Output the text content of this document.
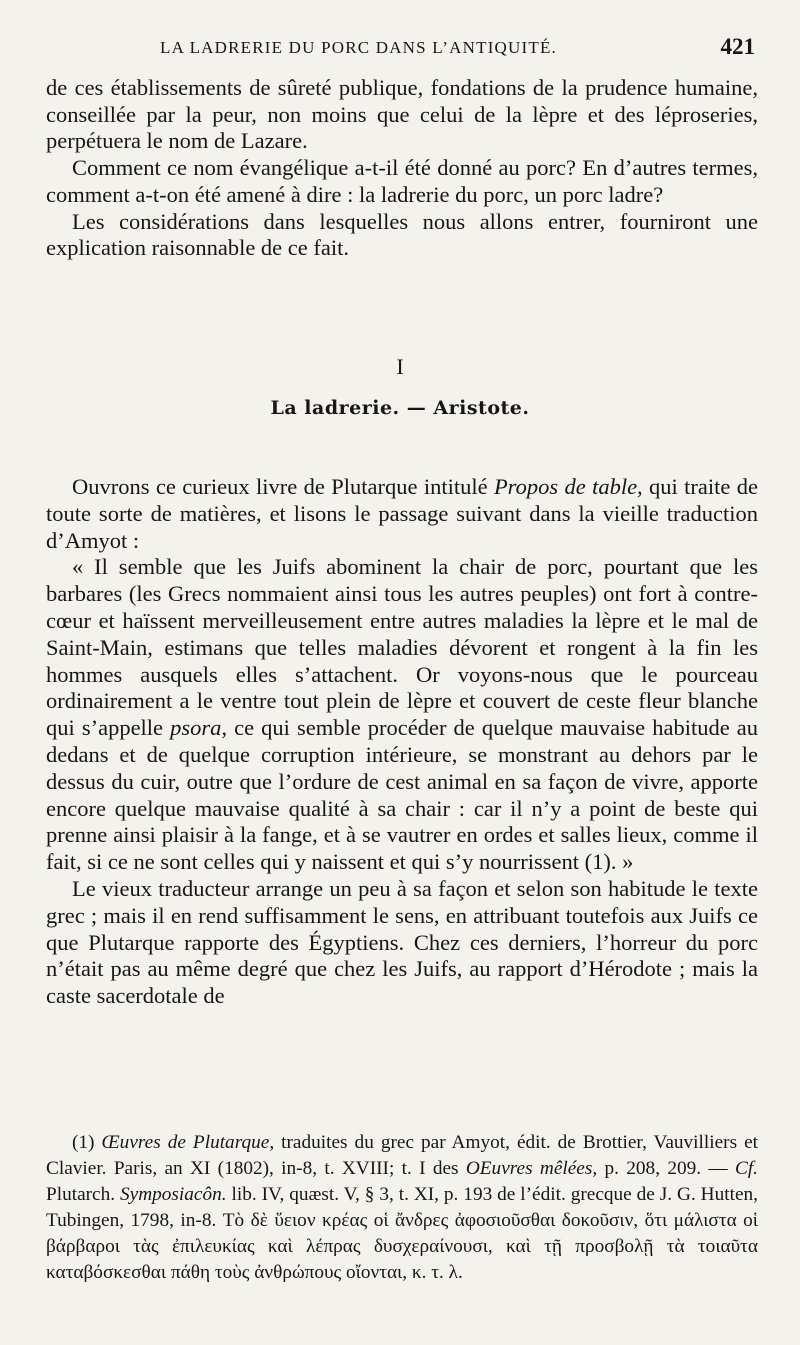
LA LADRERIE DU PORC DANS L’ANTIQUITÉ.	421

de ces établissements de sûreté publique, fondations de la prudence humaine, conseillée par la peur, non moins que celui de la lèpre et des léproseries, perpétuera le nom de Lazare.

Comment ce nom évangélique a-t-il été donné au porc? En d’autres termes, comment a-t-on été amené à dire : la ladrerie du porc, un porc ladre?

Les considérations dans lesquelles nous allons entrer, fourniront une explication raisonnable de ce fait.

I
La ladrerie. — Aristote.

Ouvrons ce curieux livre de Plutarque intitulé Propos de table, qui traite de toute sorte de matières, et lisons le passage suivant dans la vieille traduction d’Amyot :

« Il semble que les Juifs abominent la chair de porc, pourtant que les barbares (les Grecs nommaient ainsi tous les autres peuples) ont fort à contre-cœur et haïssent merveilleusement entre autres maladies la lèpre et le mal de Saint-Main, estimans que telles maladies dévorent et rongent à la fin les hommes ausquels elles s’attachent. Or voyons-nous que le pourceau ordinairement a le ventre tout plein de lèpre et couvert de ceste fleur blanche qui s’appelle psora, ce qui semble procéder de quelque mauvaise habitude au dedans et de quelque corruption intérieure, se monstrant au dehors par le dessus du cuir, outre que l’ordure de cest animal en sa façon de vivre, apporte encore quelque mauvaise qualité à sa chair : car il n’y a point de beste qui prenne ainsi plaisir à la fange, et à se vautrer en ordes et salles lieux, comme il fait, si ce ne sont celles qui y naissent et qui s’y nourrissent (1). »

Le vieux traducteur arrange un peu à sa façon et selon son habitude le texte grec ; mais il en rend suffisamment le sens, en attribuant toutefois aux Juifs ce que Plutarque rapporte des Égyptiens. Chez ces derniers, l’horreur du porc n’était pas au même degré que chez les Juifs, au rapport d’Hérodote ; mais la caste sacerdotale de

(1) Œuvres de Plutarque, traduites du grec par Amyot, édit. de Brottier, Vauvilliers et Clavier. Paris, an XI (1802), in-8, t. XVIII; t. I des OEuvres mêlées, p. 208, 209. — Cf. Plutarch. Symposiacôn. lib. IV, quæst. V, § 3, t. XI, p. 193 de l’édit. grecque de J. G. Hutten, Tubingen, 1798, in-8. Τὸ δὲ ὕειον κρέας οἱ ἄνδρες ἀφοσιοῦσθαι δοκοῦσιν, ὅτι μάλιστα οἱ βάρβαροι τὰς ἐπιλευκίας καὶ λέπρας δυσχεραίνουσι, καὶ τῇ προσβολῇ τὰ τοιαῦτα καταβόσκεσθαι πάθη τοὺς ἀνθρώπους οἴονται, κ. τ. λ.
